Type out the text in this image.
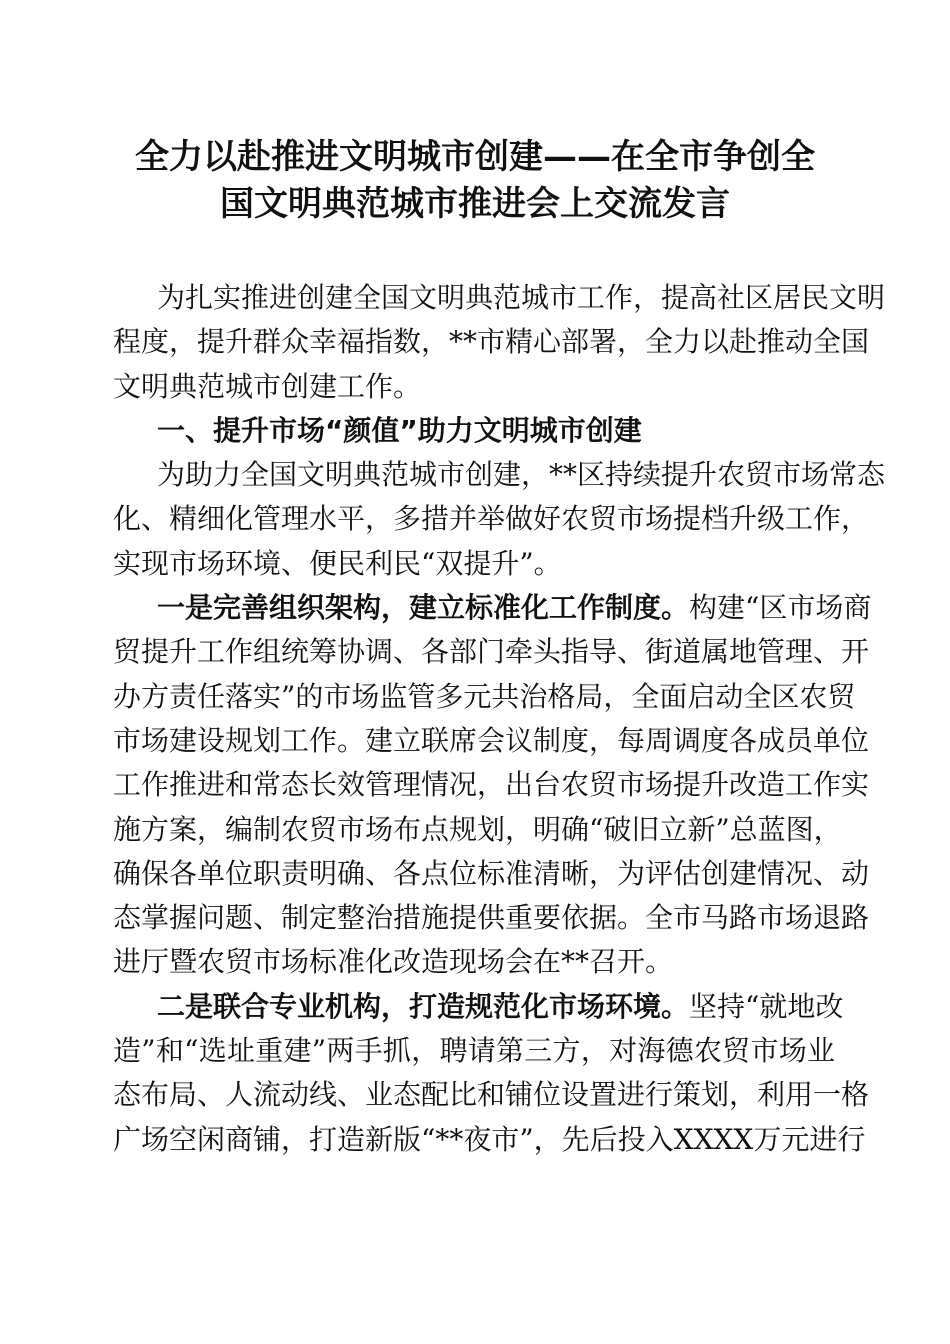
全力以赴推进文明城市创建——在全市争创全
国文明典范城市推进会上交流发言
为扎实推进创建全国文明典范城市工作，提高社区居民文明
程度，提升群众幸福指数，**市精心部署，全力以赴推动全国
文明典范城市创建工作。
一、提升市场“颜值”助力文明城市创建
为助力全国文明典范城市创建，**区持续提升农贸市场常态
化、精细化管理水平，多措并举做好农贸市场提档升级工作，
实现市场环境、便民利民“双提升”。
一是完善组织架构，建立标准化工作制度。构建“区市场商
贸提升工作组统筹协调、各部门牵头指导、街道属地管理、开
办方责任落实”的市场监管多元共治格局，全面启动全区农贸
市场建设规划工作。建立联席会议制度，每周调度各成员单位
工作推进和常态长效管理情况，出台农贸市场提升改造工作实
施方案，编制农贸市场布点规划，明确“破旧立新”总蓝图，
确保各单位职责明确、各点位标准清晰，为评估创建情况、动
态掌握问题、制定整治措施提供重要依据。全市马路市场退路
进厅暨农贸市场标准化改造现场会在**召开。
二是联合专业机构，打造规范化市场环境。坚持“就地改
造”和“选址重建”两手抓，聘请第三方，对海德农贸市场业
态布局、人流动线、业态配比和铺位设置进行策划，利用一格
广场空闲商铺，打造新版“**夜市”，先后投入XXXX万元进行
